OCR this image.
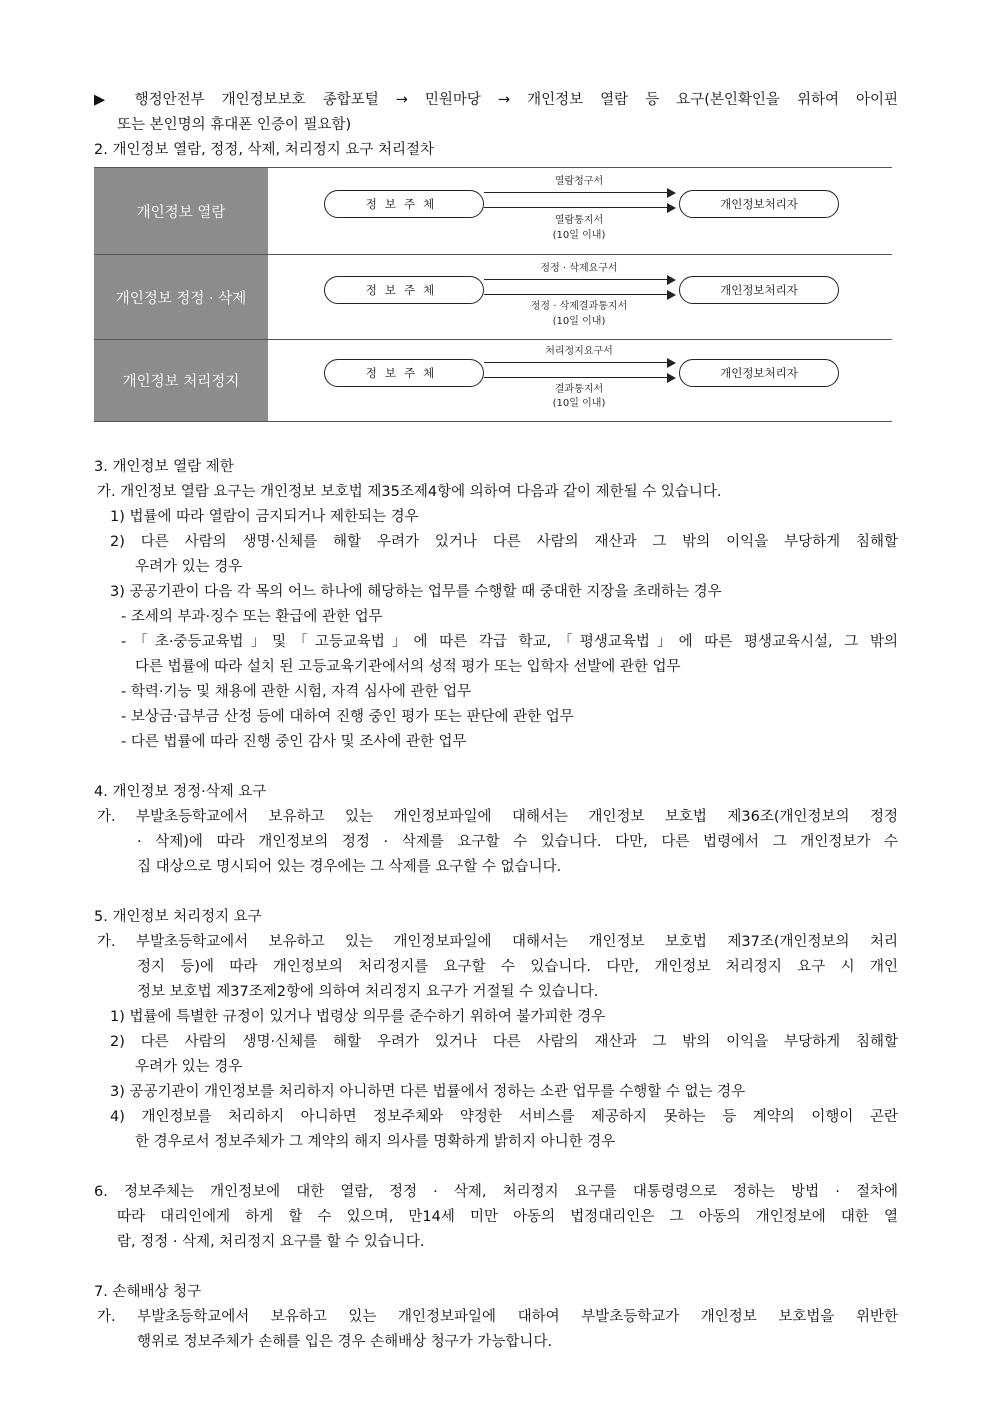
▶ 행정안전부 개인정보보호 종합포털 → 민원마당 → 개인정보 열람 등 요구(본인확인을 위하여 아이핀
또는 본인명의 휴대폰 인증이 필요함)
2. 개인정보 열람, 정정, 삭제, 처리정지 요구 처리절차
개인정보 열람
열람청구서
정보주체	개인정보처리자
열람통지서
(10일 이내)
개인정보 정정 · 삭제
정정 · 삭제요구서
정보주체	개인정보처리자
정정 · 삭제결과통지서
(10일 이내)
개인정보 처리정지
처리정지요구서
정보주체	개인정보처리자
결과통지서
(10일 이내)
3. 개인정보 열람 제한
가. 개인정보 열람 요구는 개인정보 보호법 제35조제4항에 의하여 다음과 같이 제한될 수 있습니다.
1) 법률에 따라 열람이 금지되거나 제한되는 경우
2) 다른 사람의 생명·신체를 해할 우려가 있거나 다른 사람의 재산과 그 밖의 이익을 부당하게 침해할
우려가 있는 경우
3) 공공기관이 다음 각 목의 어느 하나에 해당하는 업무를 수행할 때 중대한 지장을 초래하는 경우
- 조세의 부과·징수 또는 환급에 관한 업무
-「초·중등교육법」및「고등교육법」에 따른 각급 학교,「평생교육법」에 따른 평생교육시설, 그 밖의
다른 법률에 따라 설치 된 고등교육기관에서의 성적 평가 또는 입학자 선발에 관한 업무
- 학력·기능 및 채용에 관한 시험, 자격 심사에 관한 업무
- 보상금·급부금 산정 등에 대하여 진행 중인 평가 또는 판단에 관한 업무
- 다른 법률에 따라 진행 중인 감사 및 조사에 관한 업무
4. 개인정보 정정·삭제 요구
가. 부발초등학교에서 보유하고 있는 개인정보파일에 대해서는 개인정보 보호법 제36조(개인정보의 정정
· 삭제)에 따라 개인정보의 정정 · 삭제를 요구할 수 있습니다. 다만, 다른 법령에서 그 개인정보가 수
집 대상으로 명시되어 있는 경우에는 그 삭제를 요구할 수 없습니다.
5. 개인정보 처리정지 요구
가. 부발초등학교에서 보유하고 있는 개인정보파일에 대해서는 개인정보 보호법 제37조(개인정보의 처리
정지 등)에 따라 개인정보의 처리정지를 요구할 수 있습니다. 다만, 개인정보 처리정지 요구 시 개인
정보 보호법 제37조제2항에 의하여 처리정지 요구가 거절될 수 있습니다.
1) 법률에 특별한 규정이 있거나 법령상 의무를 준수하기 위하여 불가피한 경우
2) 다른 사람의 생명·신체를 해할 우려가 있거나 다른 사람의 재산과 그 밖의 이익을 부당하게 침해할
우려가 있는 경우
3) 공공기관이 개인정보를 처리하지 아니하면 다른 법률에서 정하는 소관 업무를 수행할 수 없는 경우
4) 개인정보를 처리하지 아니하면 정보주체와 약정한 서비스를 제공하지 못하는 등 계약의 이행이 곤란
한 경우로서 정보주체가 그 계약의 해지 의사를 명확하게 밝히지 아니한 경우
6. 정보주체는 개인정보에 대한 열람, 정정 · 삭제, 처리정지 요구를 대통령령으로 정하는 방법 · 절차에
따라 대리인에게 하게 할 수 있으며, 만14세 미만 아동의 법정대리인은 그 아동의 개인정보에 대한 열
람, 정정 · 삭제, 처리정지 요구를 할 수 있습니다.
7. 손해배상 청구
가. 부발초등학교에서 보유하고 있는 개인정보파일에 대하여 부발초등학교가 개인정보 보호법을 위반한
행위로 정보주체가 손해를 입은 경우 손해배상 청구가 가능합니다.
